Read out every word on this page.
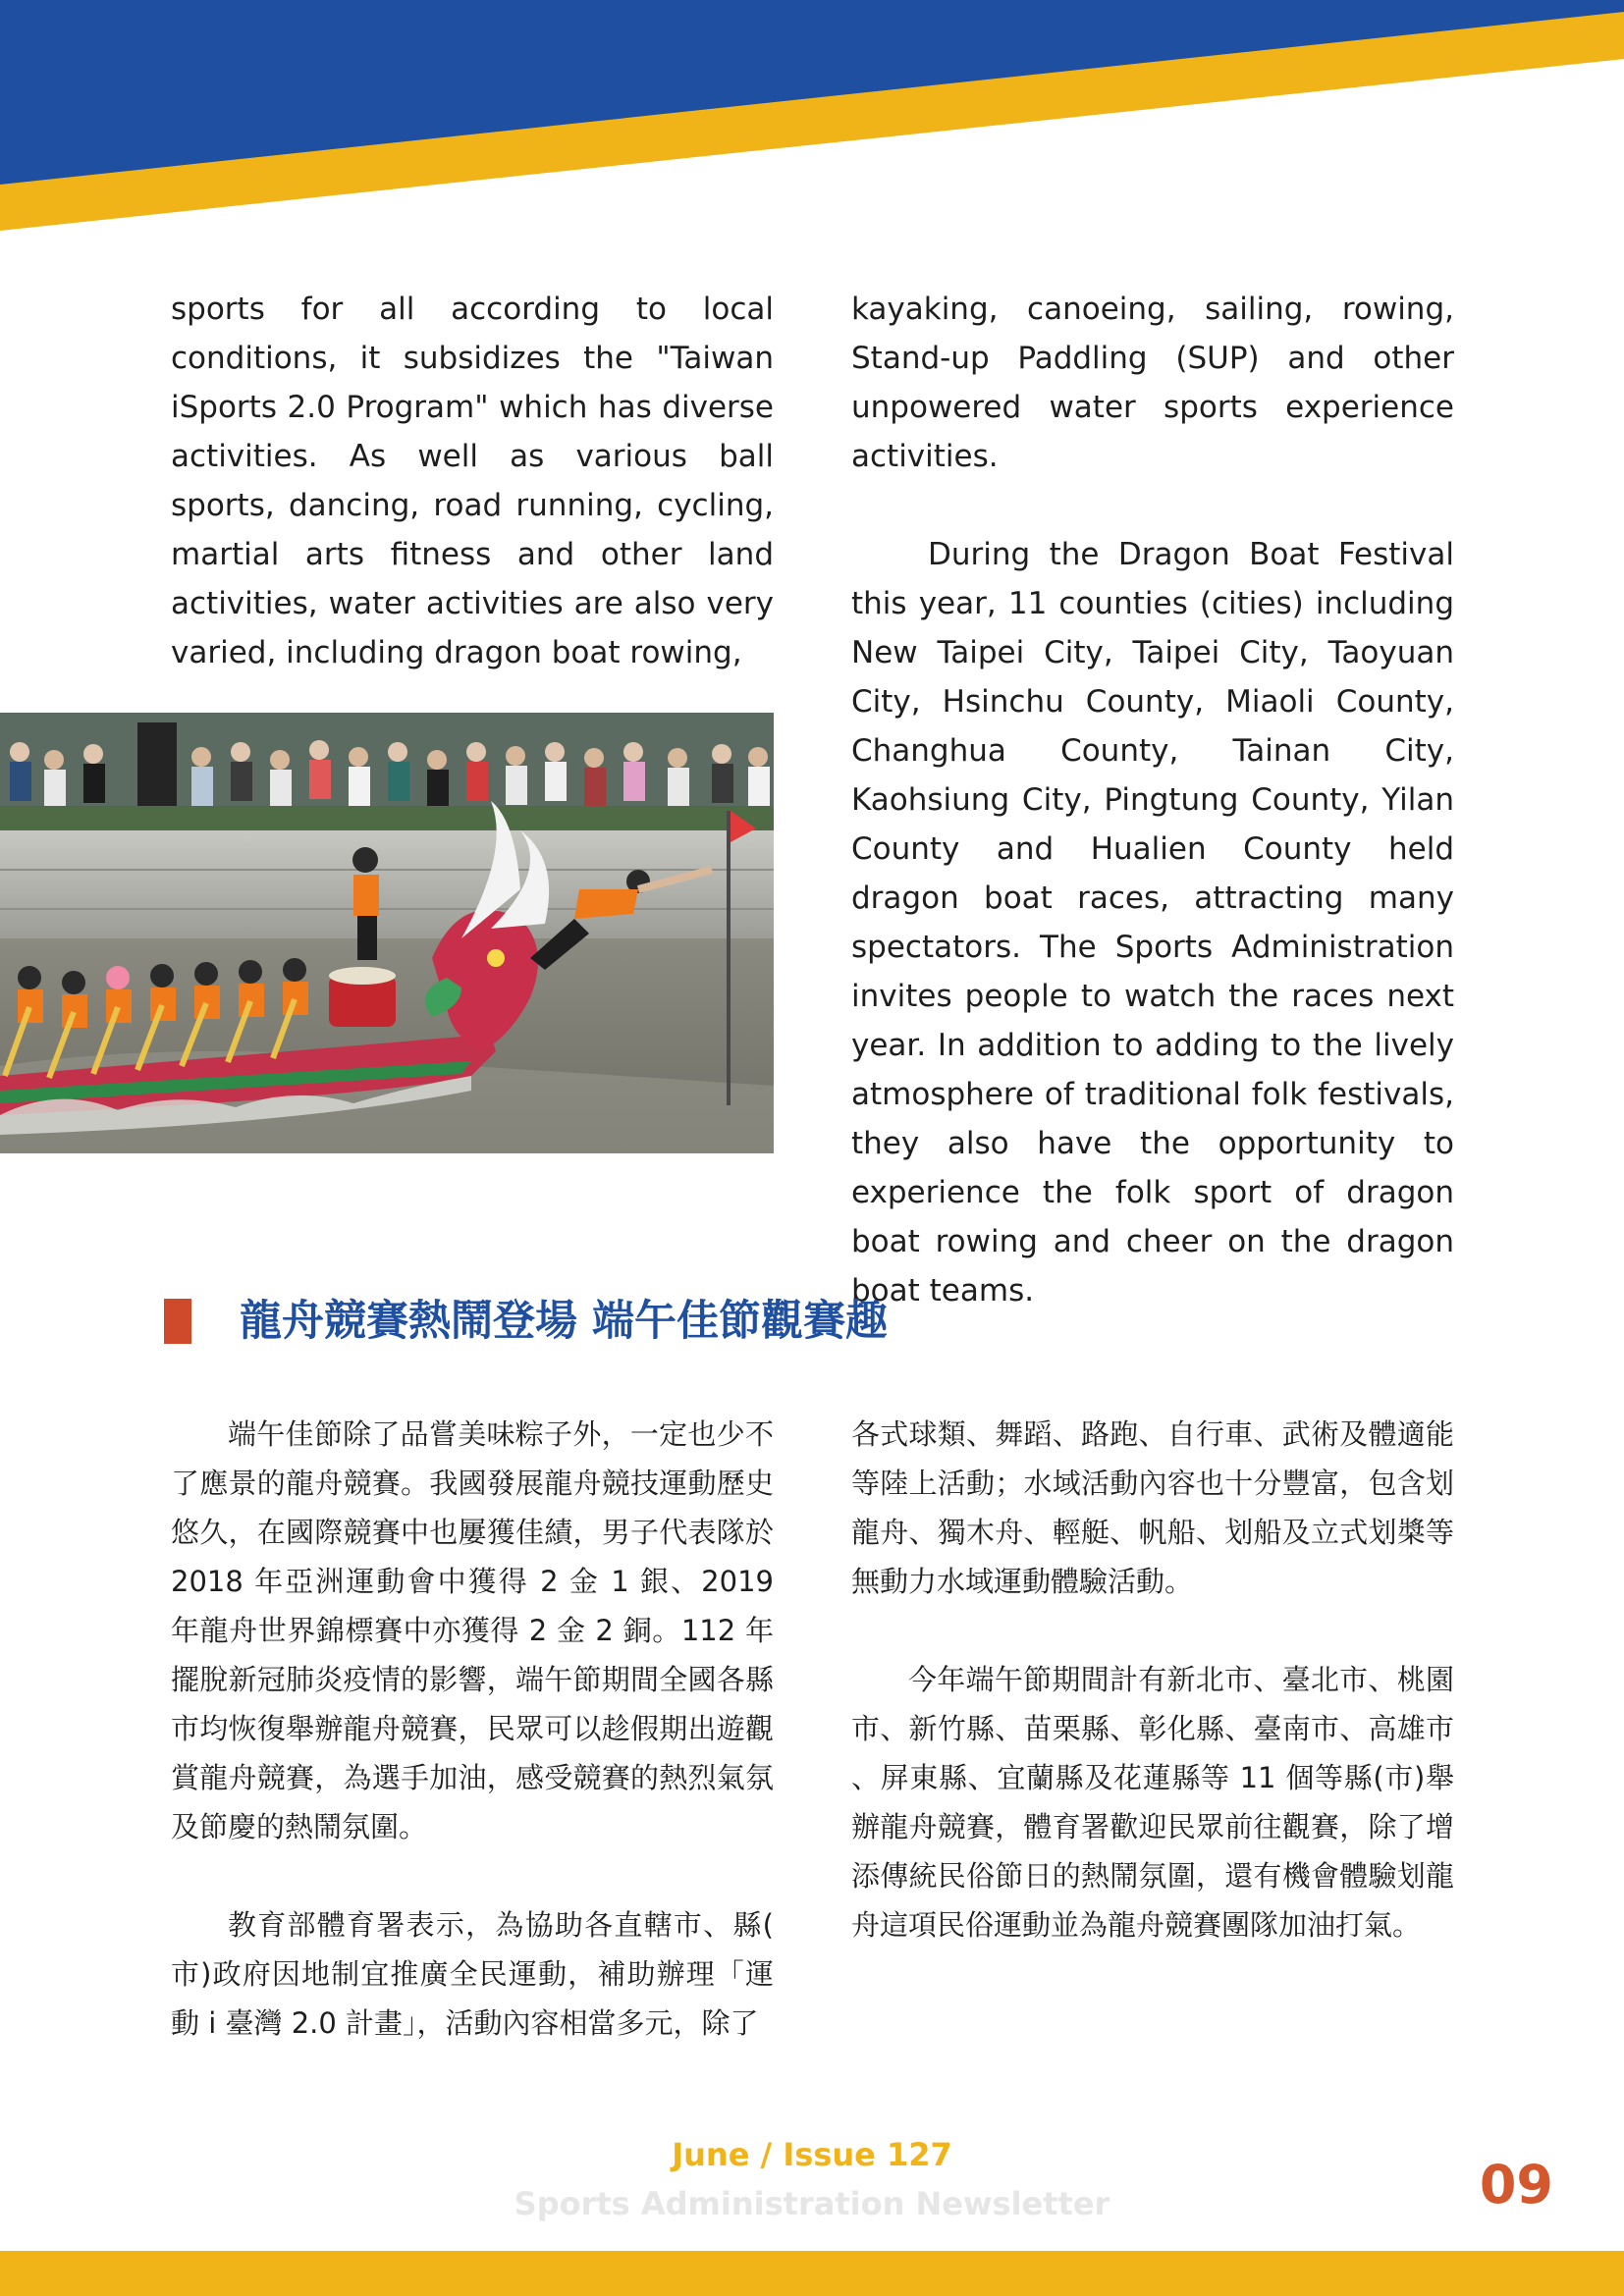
sports for all according to local conditions, it subsidizes the "Taiwan iSports 2.0 Program" which has diverse activities. As well as various ball sports, dancing, road running, cycling, martial arts fitness and other land activities, water activities are also very varied, including dragon boat rowing,

kayaking, canoeing, sailing, rowing, Stand-up Paddling (SUP) and other unpowered water sports experience activities.

During the Dragon Boat Festival this year, 11 counties (cities) including New Taipei City, Taipei City, Taoyuan City, Hsinchu County, Miaoli County, Changhua County, Tainan City, Kaohsiung City, Pingtung County, Yilan County and Hualien County held dragon boat races, attracting many spectators. The Sports Administration invites people to watch the races next year. In addition to adding to the lively atmosphere of traditional folk festivals, they also have the opportunity to experience the folk sport of dragon boat rowing and cheer on the dragon boat teams.

龍舟競賽熱鬧登場 端午佳節觀賽趣

端午佳節除了品嘗美味粽子外，一定也少不了應景的龍舟競賽。我國發展龍舟競技運動歷史悠久，在國際競賽中也屢獲佳績，男子代表隊於 2018 年亞洲運動會中獲得 2 金 1 銀、2019 年龍舟世界錦標賽中亦獲得 2 金 2 銅。112 年擺脫新冠肺炎疫情的影響，端午節期間全國各縣市均恢復舉辦龍舟競賽，民眾可以趁假期出遊觀賞龍舟競賽，為選手加油，感受競賽的熱烈氣氛及節慶的熱鬧氛圍。

教育部體育署表示，為協助各直轄市、縣(市)政府因地制宜推廣全民運動，補助辦理「運動 i 臺灣 2.0 計畫」，活動內容相當多元，除了

各式球類、舞蹈、路跑、自行車、武術及體適能等陸上活動；水域活動內容也十分豐富，包含划龍舟、獨木舟、輕艇、帆船、划船及立式划槳等無動力水域運動體驗活動。

今年端午節期間計有新北市、臺北市、桃園市、新竹縣、苗栗縣、彰化縣、臺南市、高雄市、屏東縣、宜蘭縣及花蓮縣等 11 個等縣(市)舉辦龍舟競賽，體育署歡迎民眾前往觀賽，除了增添傳統民俗節日的熱鬧氛圍，還有機會體驗划龍舟這項民俗運動並為龍舟競賽團隊加油打氣。

June / Issue 127
Sports Administration Newsletter	09
